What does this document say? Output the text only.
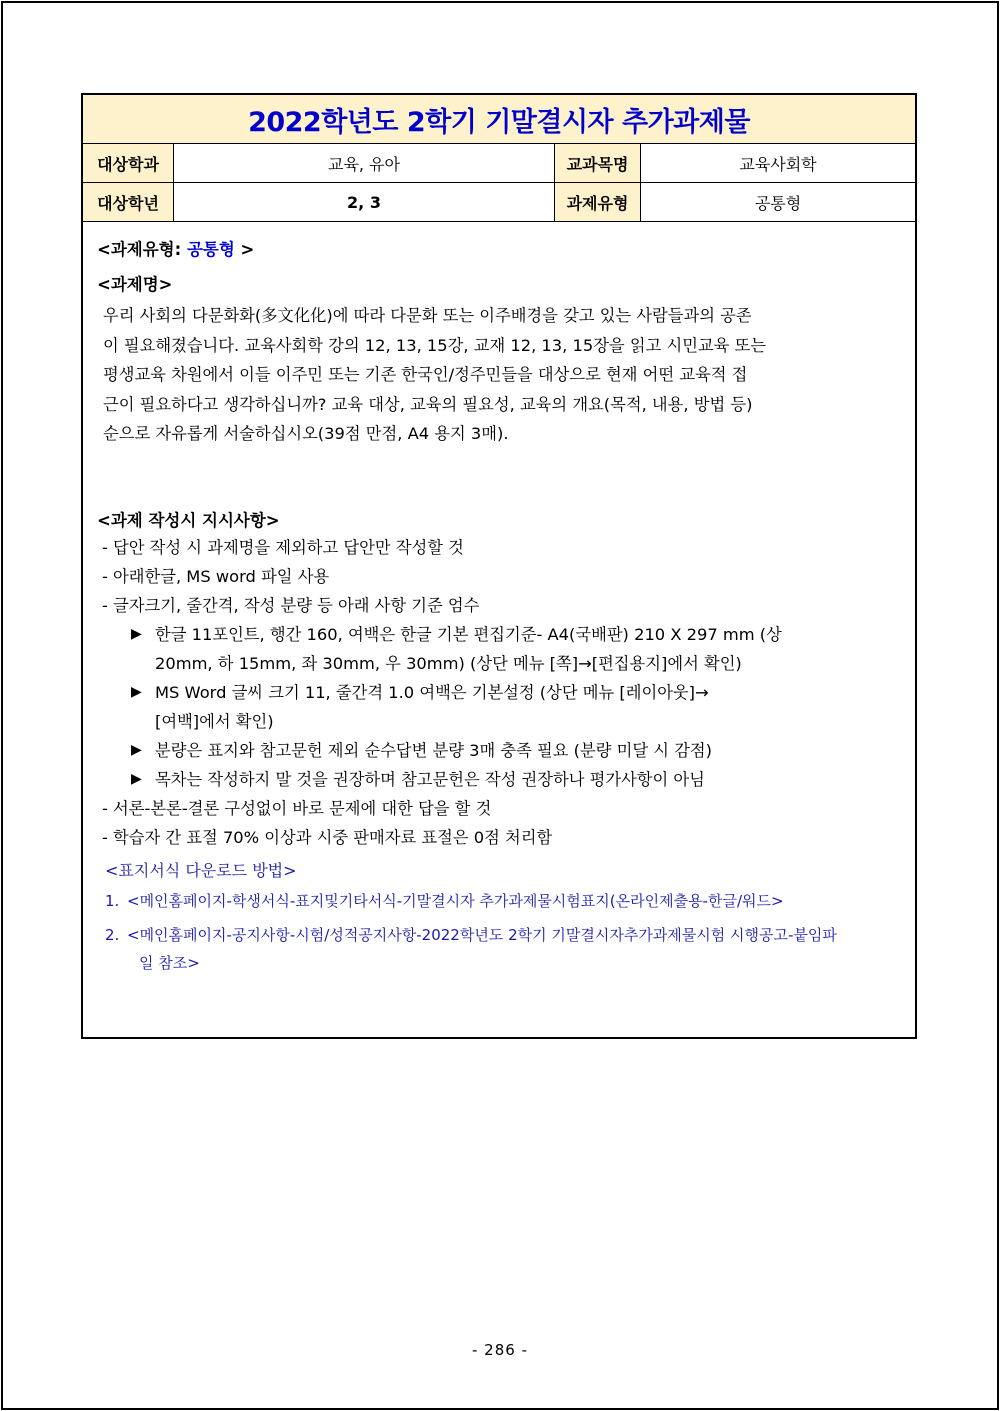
2022학년도 2학기 기말결시자 추가과제물
대상학과	교육, 유아	교과목명	교육사회학
대상학년	2, 3	과제유형	공통형
<과제유형: 공통형 >
<과제명>

우리 사회의 다문화화(多文化化)에 따라 다문화 또는 이주배경을 갖고 있는 사람들과의 공존

이 필요해졌습니다. 교육사회학 강의 12, 13, 15강, 교재 12, 13, 15장을 읽고 시민교육 또는

평생교육 차원에서 이들 이주민 또는 기존 한국인/정주민들을 대상으로 현재 어떤 교육적 접

근이 필요하다고 생각하십니까? 교육 대상, 교육의 필요성, 교육의 개요(목적, 내용, 방법 등)

순으로 자유롭게 서술하십시오(39점 만점, A4 용지 3매).

<과제 작성시 지시사항>
- 답안 작성 시 과제명을 제외하고 답안만 작성할 것
- 아래한글, MS word 파일 사용
- 글자크기, 줄간격, 작성 분량 등 아래 사항 기준 엄수
▶ 한글 11포인트, 행간 160, 여백은 한글 기본 편집기준- A4(국배판) 210 X 297 mm (상
20mm, 하 15mm, 좌 30mm, 우 30mm) (상단 메뉴 [쪽]→[편집용지]에서 확인)
▶ MS Word 글씨 크기 11, 줄간격 1.0 여백은 기본설정 (상단 메뉴 [레이아웃]→
[여백]에서 확인)
▶ 분량은 표지와 참고문헌 제외 순수답변 분량 3매 충족 필요 (분량 미달 시 감점)
▶ 목차는 작성하지 말 것을 권장하며 참고문헌은 작성 권장하나 평가사항이 아님
- 서론-본론-결론 구성없이 바로 문제에 대한 답을 할 것
- 학습자 간 표절 70% 이상과 시중 판매자료 표절은 0점 처리함
<표지서식 다운로드 방법>
1. <메인홈페이지-학생서식-표지및기타서식-기말결시자 추가과제물시험표지(온라인제출용-한글/워드>
2. <메인홈페이지-공지사항-시험/성적공지사항-2022학년도 2학기 기말결시자추가과제물시험 시행공고-붙임파
일 참조>
- 286 -
